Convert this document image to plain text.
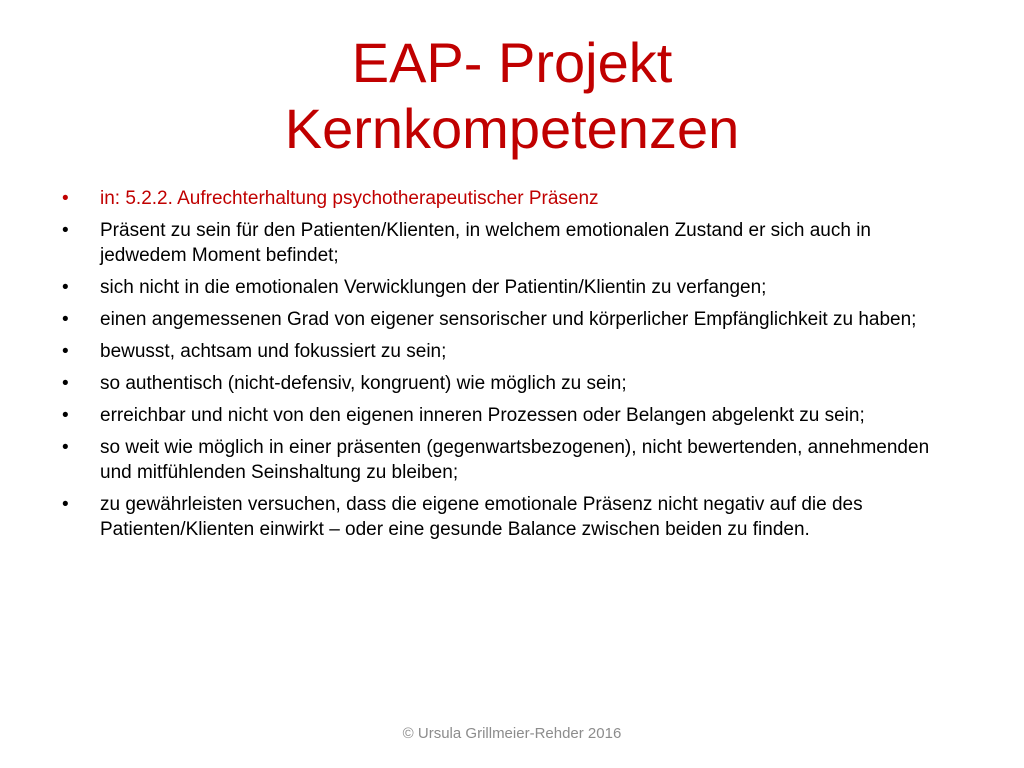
EAP- Projekt
Kernkompetenzen
•	in: 5.2.2. Aufrechterhaltung psychotherapeutischer Präsenz
•	Präsent zu sein für den Patienten/Klienten, in welchem emotionalen Zustand er sich auch in jedwedem Moment befindet;
•	sich nicht in die emotionalen Verwicklungen der Patientin/Klientin zu verfangen;
•	einen angemessenen Grad von eigener sensorischer und körperlicher Empfänglichkeit zu haben;
•	bewusst, achtsam und fokussiert zu sein;
•	so authentisch (nicht-defensiv, kongruent) wie möglich zu sein;
•	erreichbar und nicht von den eigenen inneren Prozessen oder Belangen abgelenkt zu sein;
•	so weit wie möglich in einer präsenten (gegenwartsbezogenen), nicht bewertenden, annehmenden und mitfühlenden Seinshaltung zu bleiben;
•	zu gewährleisten versuchen, dass die eigene emotionale Präsenz nicht negativ auf die des Patienten/Klienten einwirkt – oder eine gesunde Balance zwischen beiden zu finden.
© Ursula Grillmeier-Rehder 2016
